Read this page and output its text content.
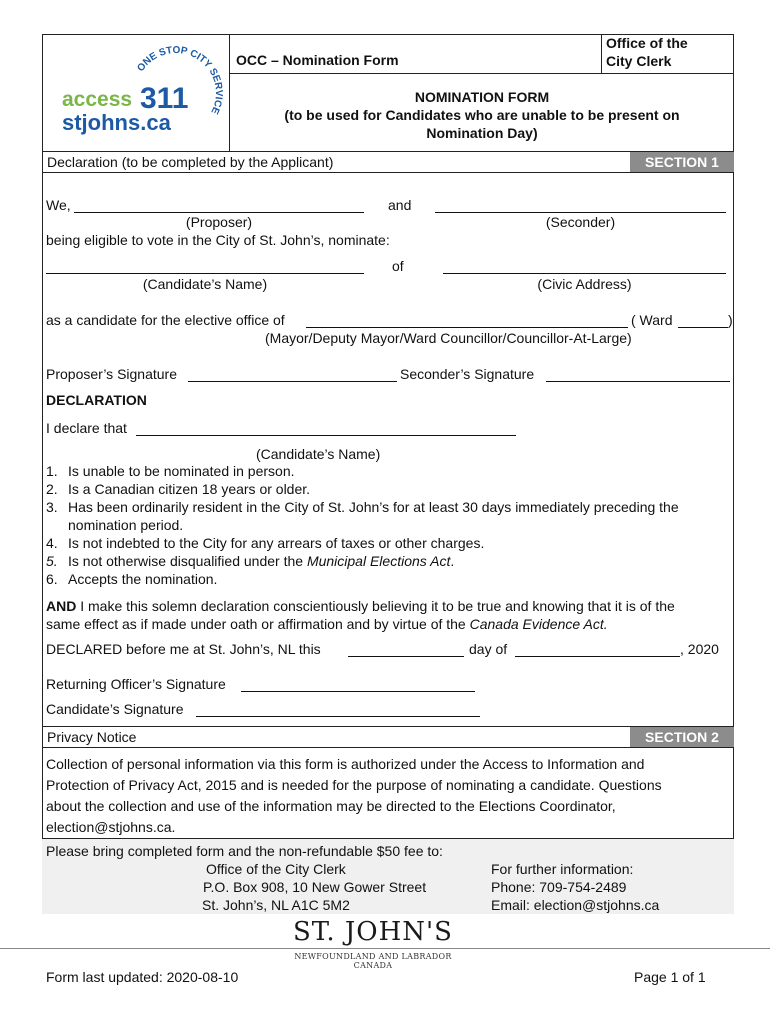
ONE STOP CITY SERVICE
access 311
stjohns.ca
OCC – Nomination Form
Office of the
City Clerk
NOMINATION FORM
(to be used for Candidates who are unable to be present on
Nomination Day)
Declaration (to be completed by the Applicant)	SECTION 1
We,	and
(Proposer)	(Seconder)
being eligible to vote in the City of St. John’s, nominate:
of
(Candidate’s Name)	(Civic Address)
as a candidate for the elective office of	( Ward	)
(Mayor/Deputy Mayor/Ward Councillor/Councillor-At-Large)
Proposer’s Signature	Seconder’s Signature
DECLARATION
I declare that
(Candidate’s Name)
1. Is unable to be nominated in person.
2. Is a Canadian citizen 18 years or older.
3. Has been ordinarily resident in the City of St. John’s for at least 30 days immediately preceding the
nomination period.
4. Is not indebted to the City for any arrears of taxes or other charges.
5. Is not otherwise disqualified under the Municipal Elections Act.
6. Accepts the nomination.
AND I make this solemn declaration conscientiously believing it to be true and knowing that it is of the
same effect as if made under oath or affirmation and by virtue of the Canada Evidence Act.
DECLARED before me at St. John’s, NL this	day of	, 2020
Returning Officer’s Signature
Candidate’s Signature
Privacy Notice	SECTION 2
Collection of personal information via this form is authorized under the Access to Information and
Protection of Privacy Act, 2015 and is needed for the purpose of nominating a candidate. Questions
about the collection and use of the information may be directed to the Elections Coordinator,
election@stjohns.ca.
Please bring completed form and the non-refundable $50 fee to:
Office of the City Clerk
P.O. Box 908, 10 New Gower Street
St. John’s, NL A1C 5M2
For further information:
Phone: 709-754-2489
Email: election@stjohns.ca
ST. JOHN'S
NEWFOUNDLAND AND LABRADOR CANADA
Form last updated: 2020-08-10	Page 1 of 1
